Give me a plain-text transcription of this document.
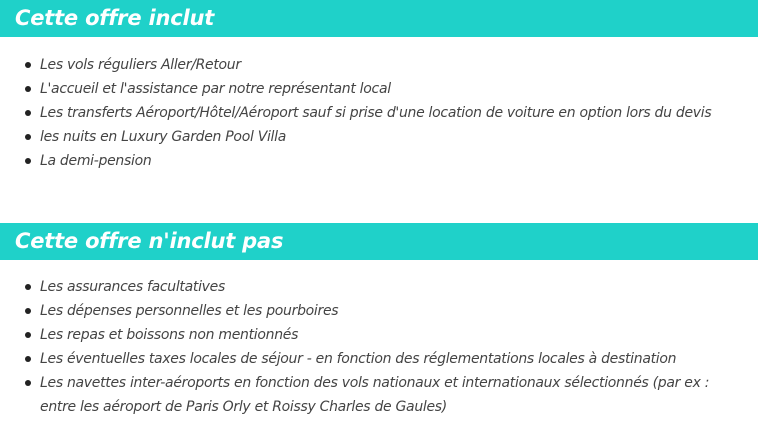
Cette offre inclut
Les vols réguliers Aller/Retour
L'accueil et l'assistance par notre représentant local
Les transferts Aéroport/Hôtel/Aéroport sauf si prise d'une location de voiture en option lors du devis
les nuits en Luxury Garden Pool Villa
La demi-pension
Cette offre n'inclut pas
Les assurances facultatives
Les dépenses personnelles et les pourboires
Les repas et boissons non mentionnés
Les éventuelles taxes locales de séjour - en fonction des réglementations locales à destination
Les navettes inter-aéroports en fonction des vols nationaux et internationaux sélectionnés (par ex : entre les aéroport de Paris Orly et Roissy Charles de Gaules)
